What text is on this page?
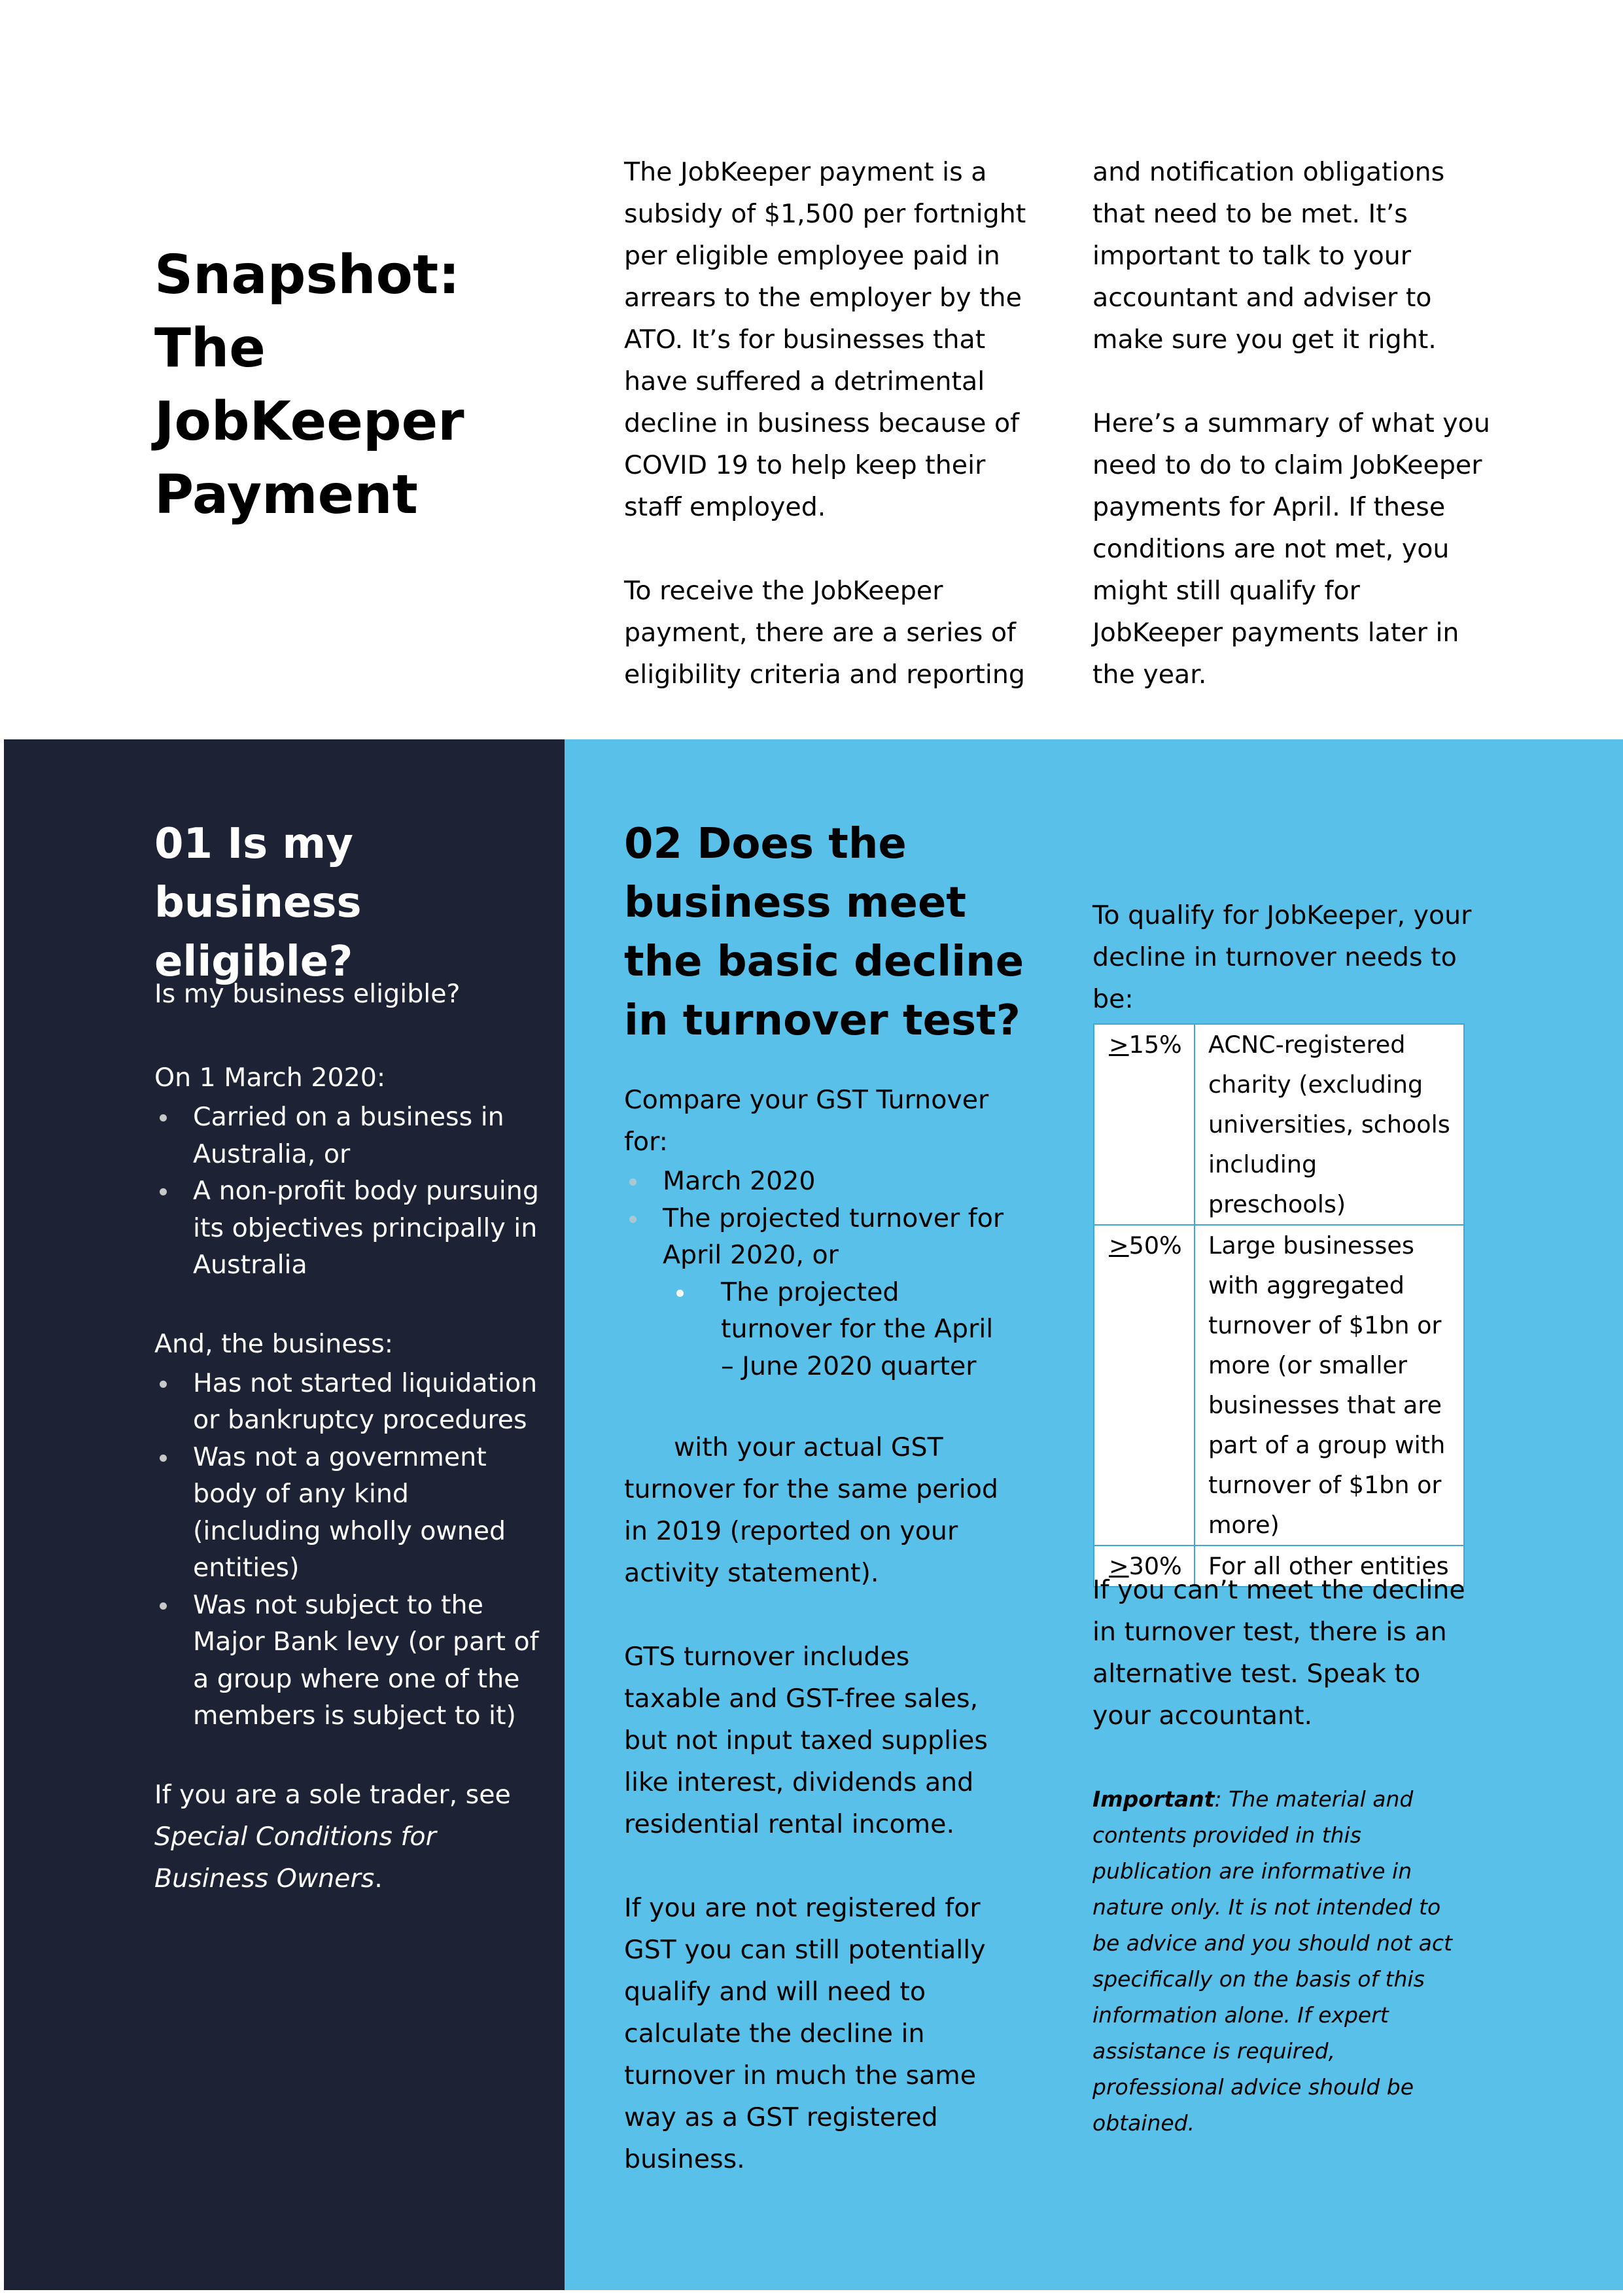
Snapshot: The JobKeeper Payment

The JobKeeper payment is a subsidy of $1,500 per fortnight per eligible employee paid in arrears to the employer by the ATO. It’s for businesses that have suffered a detrimental decline in business because of COVID 19 to help keep their staff employed.

To receive the JobKeeper payment, there are a series of eligibility criteria and reporting

and notification obligations that need to be met. It’s important to talk to your accountant and adviser to make sure you get it right.

Here’s a summary of what you need to do to claim JobKeeper payments for April. If these conditions are not met, you might still qualify for JobKeeper payments later in the year.

01 Is my business eligible?

Is my business eligible?

On 1 March 2020:

Carried on a business in Australia, or
A non-profit body pursuing its objectives principally in Australia

And, the business:

Has not started liquidation or bankruptcy procedures
Was not a government body of any kind (including wholly owned entities)
Was not subject to the Major Bank levy (or part of a group where one of the members is subject to it)

If you are a sole trader, see Special Conditions for Business Owners.

02 Does the business meet the basic decline in turnover test?

Compare your GST Turnover for:

March 2020
The projected turnover for April 2020, or
The projected turnover for the April – June 2020 quarter

with your actual GST turnover for the same period in 2019 (reported on your activity statement).

GTS turnover includes taxable and GST-free sales, but not input taxed supplies like interest, dividends and residential rental income.

If you are not registered for GST you can still potentially qualify and will need to calculate the decline in turnover in much the same way as a GST registered business.

To qualify for JobKeeper, your decline in turnover needs to be:
>15%	ACNC-registered charity (excluding universities, schools including preschools)
>50%	Large businesses with aggregated turnover of $1bn or more (or smaller businesses that are part of a group with turnover of $1bn or more)
>30%	For all other entities
If you can’t meet the decline in turnover test, there is an alternative test. Speak to your accountant.
Important: The material and contents provided in this publication are informative in nature only. It is not intended to be advice and you should not act specifically on the basis of this information alone. If expert assistance is required, professional advice should be obtained.
